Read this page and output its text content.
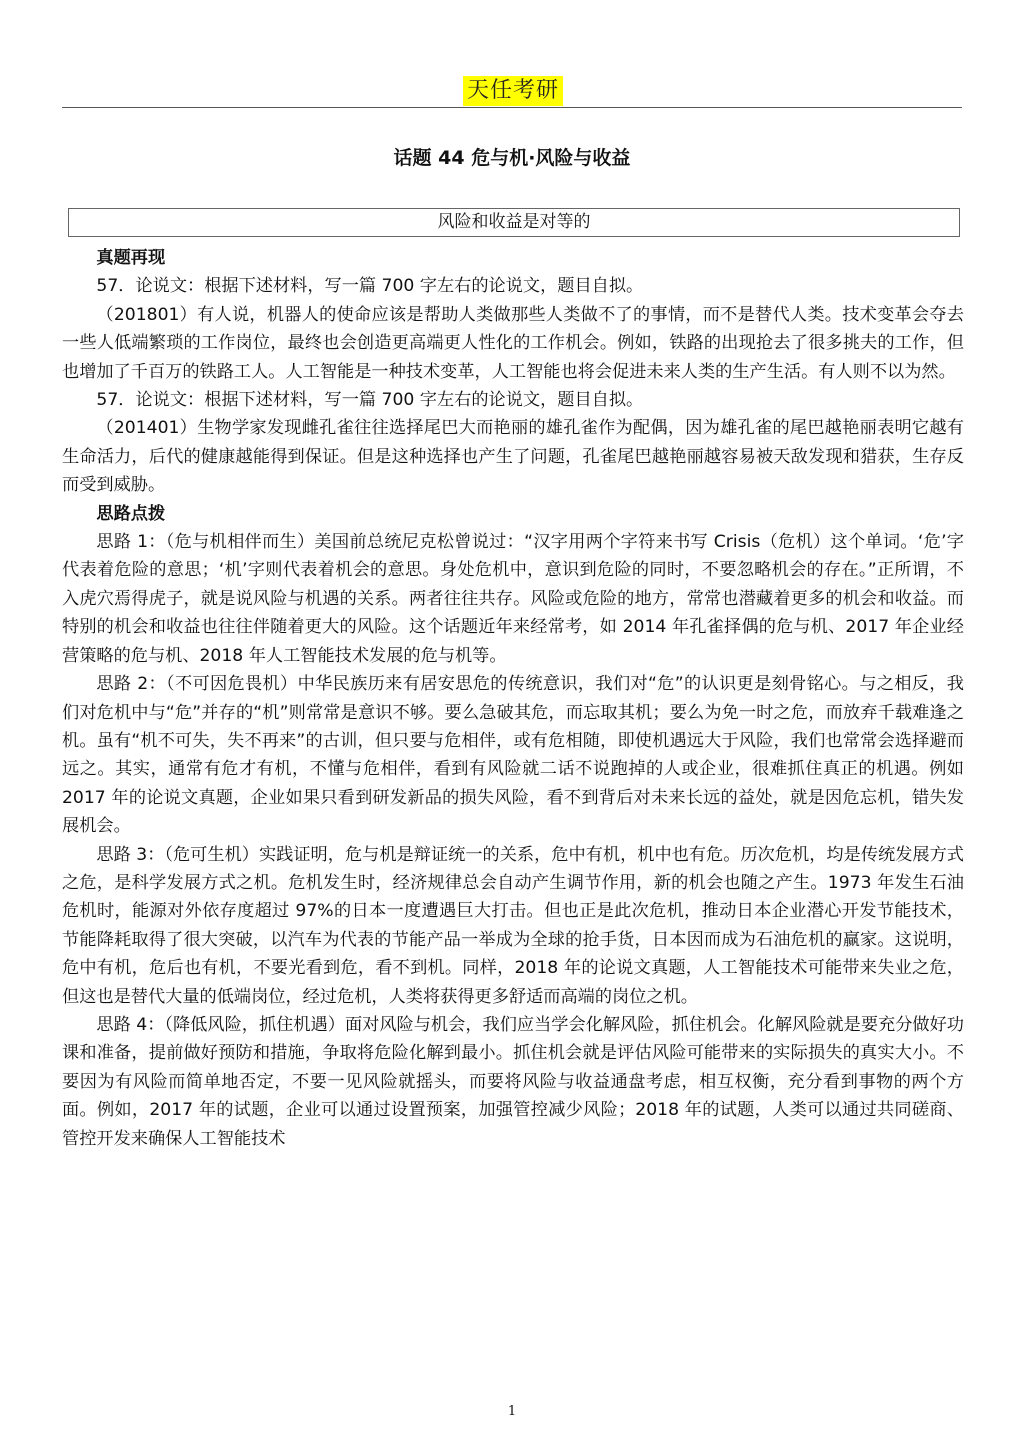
天任考研
话题 44 危与机·风险与收益
风险和收益是对等的
真题再现

57．论说文：根据下述材料，写一篇 700 字左右的论说文，题目自拟。

（201801）有人说，机器人的使命应该是帮助人类做那些人类做不了的事情，而不是替代人类。技术变革会夺去一些人低端繁琐的工作岗位，最终也会创造更高端更人性化的工作机会。例如，铁路的出现抢去了很多挑夫的工作，但也增加了千百万的铁路工人。人工智能是一种技术变革，人工智能也将会促进未来人类的生产生活。有人则不以为然。

57．论说文：根据下述材料，写一篇 700 字左右的论说文，题目自拟。

（201401）生物学家发现雌孔雀往往选择尾巴大而艳丽的雄孔雀作为配偶，因为雄孔雀的尾巴越艳丽表明它越有生命活力，后代的健康越能得到保证。但是这种选择也产生了问题，孔雀尾巴越艳丽越容易被天敌发现和猎获，生存反而受到威胁。

思路点拨

思路 1：（危与机相伴而生）美国前总统尼克松曾说过：“汉字用两个字符来书写 Crisis（危机）这个单词。‘危’字代表着危险的意思；‘机’字则代表着机会的意思。身处危机中，意识到危险的同时，不要忽略机会的存在。”正所谓，不入虎穴焉得虎子，就是说风险与机遇的关系。两者往往共存。风险或危险的地方，常常也潜藏着更多的机会和收益。而特别的机会和收益也往往伴随着更大的风险。这个话题近年来经常考，如 2014 年孔雀择偶的危与机、2017 年企业经营策略的危与机、2018 年人工智能技术发展的危与机等。

思路 2：（不可因危畏机）中华民族历来有居安思危的传统意识，我们对“危”的认识更是刻骨铭心。与之相反，我们对危机中与“危”并存的“机”则常常是意识不够。要么急破其危，而忘取其机；要么为免一时之危，而放弃千载难逢之机。虽有“机不可失，失不再来”的古训，但只要与危相伴，或有危相随，即使机遇远大于风险，我们也常常会选择避而远之。其实，通常有危才有机，不懂与危相伴，看到有风险就二话不说跑掉的人或企业，很难抓住真正的机遇。例如 2017 年的论说文真题，企业如果只看到研发新品的损失风险，看不到背后对未来长远的益处，就是因危忘机，错失发展机会。

思路 3：（危可生机）实践证明，危与机是辩证统一的关系，危中有机，机中也有危。历次危机，均是传统发展方式之危，是科学发展方式之机。危机发生时，经济规律总会自动产生调节作用，新的机会也随之产生。1973 年发生石油危机时，能源对外依存度超过 97%的日本一度遭遇巨大打击。但也正是此次危机，推动日本企业潜心开发节能技术，节能降耗取得了很大突破，以汽车为代表的节能产品一举成为全球的抢手货，日本因而成为石油危机的赢家。这说明，危中有机，危后也有机，不要光看到危，看不到机。同样，2018 年的论说文真题，人工智能技术可能带来失业之危，但这也是替代大量的低端岗位，经过危机，人类将获得更多舒适而高端的岗位之机。

思路 4：（降低风险，抓住机遇）面对风险与机会，我们应当学会化解风险，抓住机会。化解风险就是要充分做好功课和准备，提前做好预防和措施，争取将危险化解到最小。抓住机会就是评估风险可能带来的实际损失的真实大小。不要因为有风险而简单地否定，不要一见风险就摇头，而要将风险与收益通盘考虑，相互权衡，充分看到事物的两个方面。例如，2017 年的试题，企业可以通过设置预案，加强管控减少风险；2018 年的试题，人类可以通过共同磋商、管控开发来确保人工智能技术

1
